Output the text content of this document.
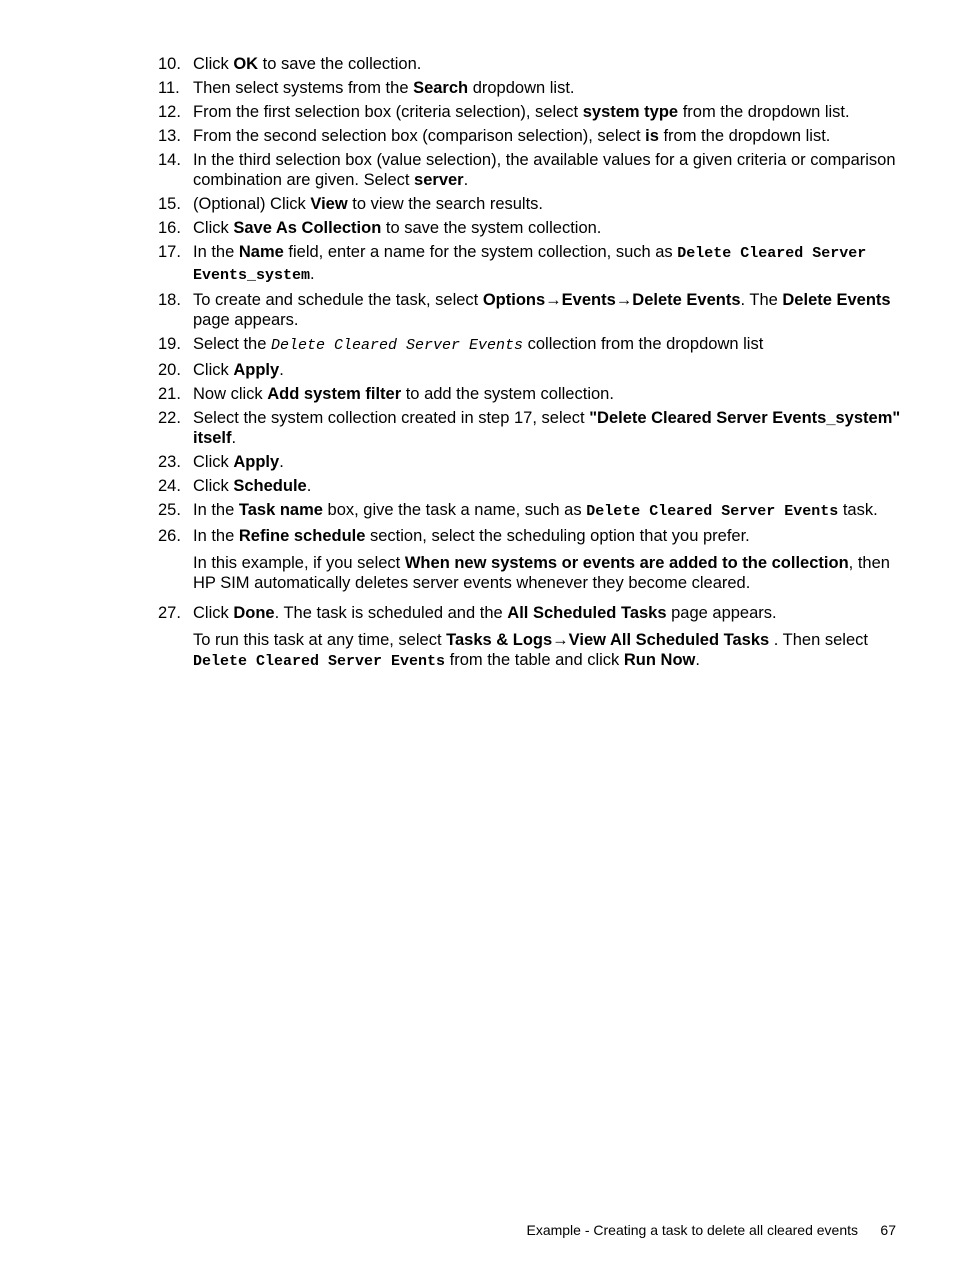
10. Click OK to save the collection.
11. Then select systems from the Search dropdown list.
12. From the first selection box (criteria selection), select system type from the dropdown list.
13. From the second selection box (comparison selection), select is from the dropdown list.
14. In the third selection box (value selection), the available values for a given criteria or comparison combination are given. Select server.
15. (Optional) Click View to view the search results.
16. Click Save As Collection to save the system collection.
17. In the Name field, enter a name for the system collection, such as Delete Cleared Server Events_system.
18. To create and schedule the task, select Options→Events→Delete Events. The Delete Events page appears.
19. Select the Delete Cleared Server Events collection from the dropdown list
20. Click Apply.
21. Now click Add system filter to add the system collection.
22. Select the system collection created in step 17, select "Delete Cleared Server Events_system" itself.
23. Click Apply.
24. Click Schedule.
25. In the Task name box, give the task a name, such as Delete Cleared Server Events task.
26. In the Refine schedule section, select the scheduling option that you prefer.
In this example, if you select When new systems or events are added to the collection, then HP SIM automatically deletes server events whenever they become cleared.
27. Click Done. The task is scheduled and the All Scheduled Tasks page appears.
To run this task at any time, select Tasks & Logs→View All Scheduled Tasks . Then select Delete Cleared Server Events from the table and click Run Now.
Example - Creating a task to delete all cleared events 67
